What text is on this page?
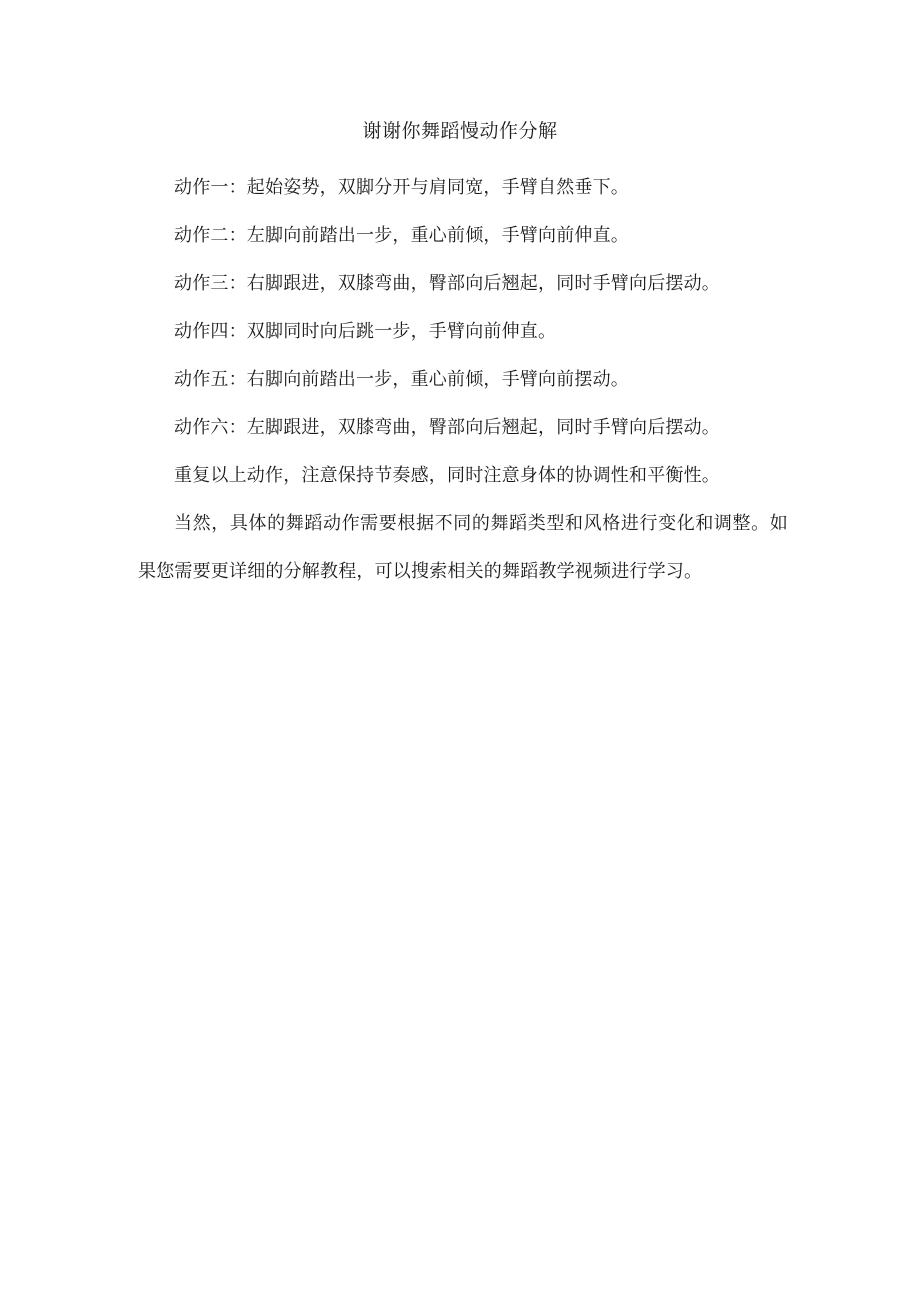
谢谢你舞蹈慢动作分解

动作一：起始姿势，双脚分开与肩同宽，手臂自然垂下。

动作二：左脚向前踏出一步，重心前倾，手臂向前伸直。

动作三：右脚跟进，双膝弯曲，臀部向后翘起，同时手臂向后摆动。

动作四：双脚同时向后跳一步，手臂向前伸直。

动作五：右脚向前踏出一步，重心前倾，手臂向前摆动。

动作六：左脚跟进，双膝弯曲，臀部向后翘起，同时手臂向后摆动。

重复以上动作，注意保持节奏感，同时注意身体的协调性和平衡性。

当然，具体的舞蹈动作需要根据不同的舞蹈类型和风格进行变化和调整。如果您需要更详细的分解教程，可以搜索相关的舞蹈教学视频进行学习。
